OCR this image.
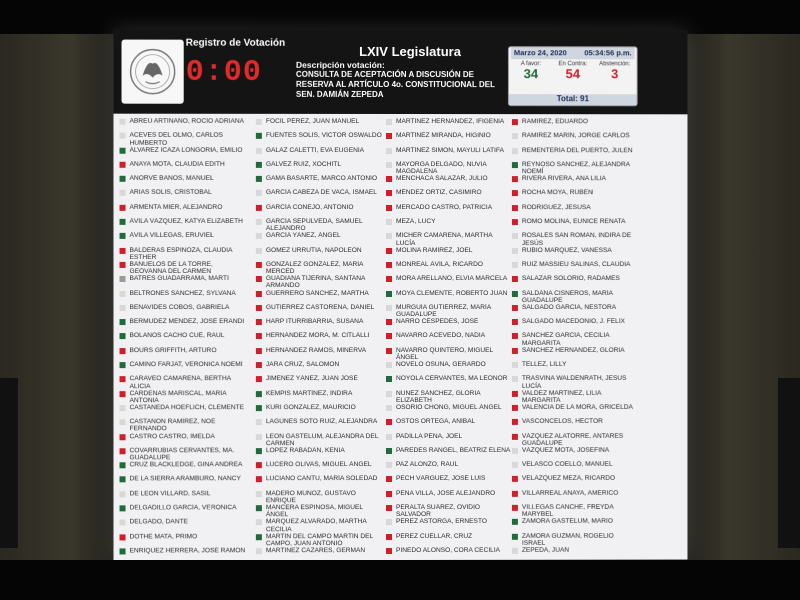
Registro de Votación
0:00
LXIV Legislatura
Descripción votación:
CONSULTA DE ACEPTACIÓN A DISCUSIÓN DE RESERVA AL ARTÍCULO 4o. CONSTITUCIONAL DEL SEN. DAMIÁN ZEPEDA
Marzo 24, 2020 05:34:56 p.m.
A favor:
34
En Contra:
54
Abstención:
3
Total: 91
ABREU ARTIÑANO, ROCÍO ADRIANA
ACEVES DEL OLMO, CARLOS HUMBERTO
ÁLVAREZ ICAZA LONGORIA, EMILIO
ANAYA MOTA, CLAUDIA EDITH
AÑORVE BAÑOS, MANUEL
ARIAS SOLIS, CRISTOBAL
ARMENTA MIER, ALEJANDRO
ÁVILA VÁZQUEZ, KATYA ELIZABETH
ÁVILA VILLEGAS, ERUVIEL
BALDERAS ESPINOZA, CLAUDIA ESTHER
BAÑUELOS DE LA TORRE, GEOVANNA DEL CARMEN
BATRES GUADARRAMA, MARTÍ
BELTRONES SÁNCHEZ, SYLVANA
BENAVIDES COBOS, GABRIELA
BERMÚDEZ MÉNDEZ, JOSÉ ERANDI
BOLAÑOS CACHO CUÉ, RAÚL
BOURS GRIFFITH, ARTURO
CAMINO FARJAT, VERÓNICA NOEMÍ
CARAVEO CAMARENA, BERTHA ALICIA
CÁRDENAS MARISCAL, MARÍA ANTONIA
CASTAÑEDA HOEFLICH, CLEMENTE
CASTAÑÓN RAMÍREZ, NOÉ FERNANDO
CASTRO CASTRO, IMELDA
COVARRUBIAS CERVANTES, MA. GUADALUPE
CRUZ BLACKLEDGE, GINA ANDREA
DE LA SIERRA ARÁMBURO, NANCY
DE LEÓN VILLARD, SASIL
DELGADILLO GARCÍA, VERÓNICA
DELGADO, DANTE
DOTHÉ MATA, PRIMO
ENRÍQUEZ HERRERA, JOSÉ RAMÓN
FOCIL PÉREZ, JUAN MANUEL
FUENTES SOLÍS, VÍCTOR OSWALDO
GALAZ CALETTI, EVA EUGENIA
GÁLVEZ RUIZ, XÓCHITL
GAMA BASARTE, MARCO ANTONIO
GARCÍA CABEZA DE VACA, ISMAEL
GARCÍA CONEJO, ANTONIO
GARCÍA SEPÚLVEDA, SAMUEL ALEJANDRO
GARCÍA YÁÑEZ, ÁNGEL
GÓMEZ URRUTIA, NAPOLEÓN
GONZÁLEZ GONZÁLEZ, MARÍA MERCED
GUADIANA TIJERINA, SANTANA ARMANDO
GUERRERO SÁNCHEZ, MARTHA
GUTIÉRREZ CASTORENA, DANIEL
HARP ITURRIBARRIA, SUSANA
HERNÁNDEZ MORA, M. CITLALLI
HERNÁNDEZ RAMOS, MINERVA
JARA CRUZ, SALOMÓN
JIMÉNEZ YÁÑEZ, JUAN JOSÉ
KEMPIS MARTÍNEZ, INDIRA
KURI GONZÁLEZ, MAURICIO
LAGUNES SOTO RUIZ, ALEJANDRA
LEÓN GASTÉLUM, ALEJANDRA DEL CARMEN
LÓPEZ RABADÁN, KENIA
LUCERO OLIVAS, MIGUEL ÁNGEL
LUCIANO CANTÚ, MARÍA SOLEDAD
MADERO MUÑOZ, GUSTAVO ENRIQUE
MANCERA ESPINOSA, MIGUEL ÁNGEL
MARQUEZ ALVARADO, MARTHA CECILIA
MARTÍN DEL CAMPO MARTÍN DEL CAMPO, JUAN ANTONIO
MARTÍNEZ CÁZARES, GERMÁN
MARTÍNEZ HERNÁNDEZ, IFIGENIA
MARTÍNEZ MIRANDA, HIGINIO
MARTÍNEZ SIMÓN, MAYULI LATIFA
MAYORGA DELGADO, NUVIA MAGDALENA
MENCHACA SALAZAR, JULIO
MÉNDEZ ORTIZ, CASIMIRO
MERCADO CASTRO, PATRICIA
MEZA, LUCY
MICHER CAMARENA, MARTHA LUCÍA
MOLINA RAMÍREZ, JOEL
MONREAL ÁVILA, RICARDO
MORA ARELLANO, ELVIA MARCELA
MOYA CLEMENTE, ROBERTO JUAN
MURGUÍA GUTIÉRREZ, MARÍA GUADALUPE
NARRO CÉSPEDES, JOSÉ
NAVARRO ACEVEDO, NADIA
NAVARRO QUINTERO, MIGUEL ÁNGEL
NOVELO OSUNA, GERARDO
NOYOLA CERVANTES, MA LEONOR
NÚÑEZ SÁNCHEZ, GLORIA ELIZABETH
OSORIO CHONG, MIGUEL ÁNGEL
OSTOS ORTEGA, ANÍBAL
PADILLA PEÑA, JOEL
PAREDES RANGEL, BEATRIZ ELENA
PAZ ALONZO, RAÚL
PECH VÁRGUEZ, JOSÉ LUIS
PEÑA VILLA, JOSÉ ALEJANDRO
PERALTA SUÁREZ, OVIDIO SALVADOR
PÉREZ ASTORGA, ERNESTO
PÉREZ CUÉLLAR, CRUZ
PINEDO ALONSO, CORA CECILIA
RAMÍREZ, EDUARDO
RAMÍREZ MARÍN, JORGE CARLOS
REMENTERÍA DEL PUERTO, JULEN
REYNOSO SÁNCHEZ, ALEJANDRA NOEMÍ
RIVERA RIVERA, ANA LILIA
ROCHA MOYA, RUBÉN
RODRÍGUEZ, JESUSA
ROMO MOLINA, EUNICE RENATA
ROSALES SAN ROMÁN, INDIRA DE JESÚS
RUBIO MARQUEZ, VANESSA
RUIZ MASSIEU SALINAS, CLAUDIA
SALAZAR SOLORIO, RADAMÉS
SALDAÑA CISNEROS, MARÍA GUADALUPE
SALGADO GARCÍA, NESTORA
SALGADO MACEDONIO, J. FÉLIX
SÁNCHEZ GARCÍA, CECILIA MARGARITA
SÁNCHEZ HERNÁNDEZ, GLORIA
TELLEZ, LILLY
TRASVIÑA WALDENRATH, JESÚS LUCÍA
VALDEZ MARTÍNEZ, LILIA MARGARITA
VALENCIA DE LA MORA, GRICELDA
VASCONCELOS, HÉCTOR
VÁZQUEZ ALATORRE, ANTARES GUADALUPE
VÁZQUEZ MOTA, JOSEFINA
VELASCO COELLO, MANUEL
VELÁZQUEZ MEZA, RICARDO
VILLARREAL ANAYA, AMÉRICO
VILLEGAS CANCHÉ, FREYDA MARYBEL
ZAMORA GASTÉLUM, MARIO
ZAMORA GUZMÁN, ROGELIO ISRAEL
ZEPEDA, JUAN
